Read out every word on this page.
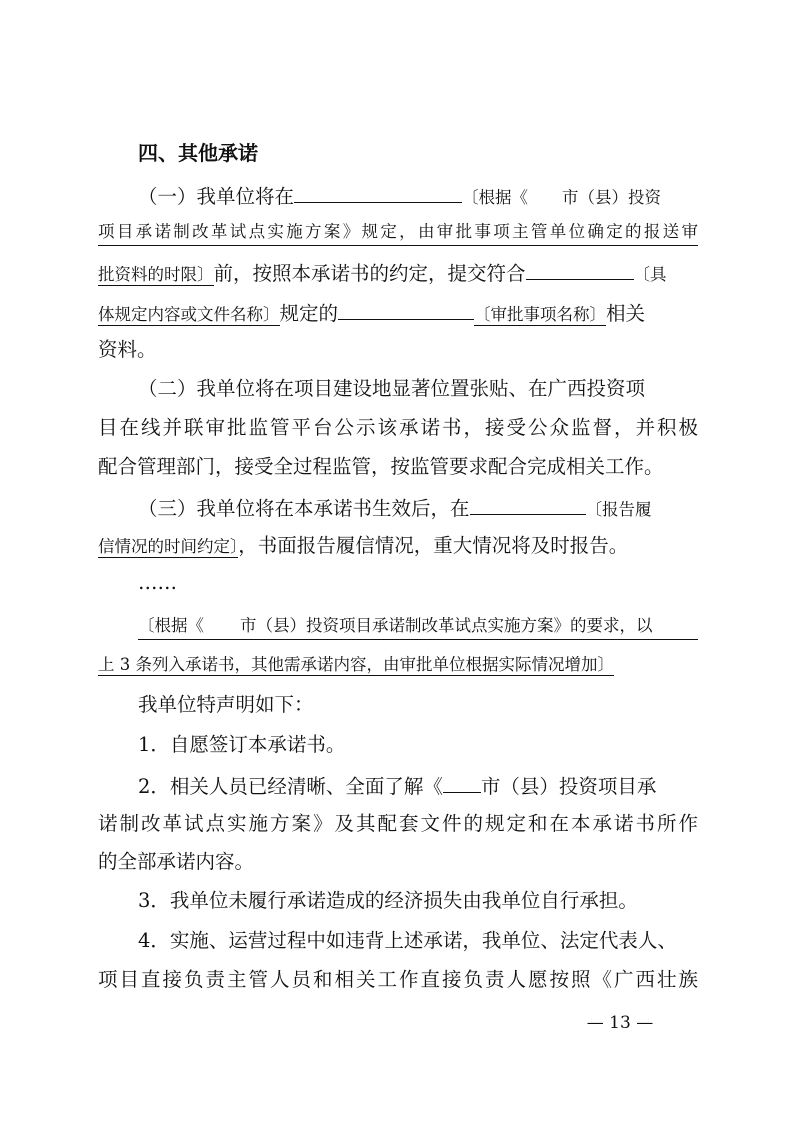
四、其他承诺
（一）我单位将在	〔根据《 市（县）投资
项目承诺制改革试点实施方案》规定，由审批事项主管单位确定的报送审
批资料的时限〕前，按照本承诺书的约定，提交符合	〔具
体规定内容或文件名称〕规定的	〔审批事项名称〕相关
资料。
（二）我单位将在项目建设地显著位置张贴、在广西投资项
目在线并联审批监管平台公示该承诺书，接受公众监督，并积极
配合管理部门，接受全过程监管，按监管要求配合完成相关工作。
（三）我单位将在本承诺书生效后，在	〔报告履
信情况的时间约定〕，书面报告履信情况，重大情况将及时报告。
……
〔根据《 市（县）投资项目承诺制改革试点实施方案》的要求，以
上 3 条列入承诺书，其他需承诺内容，由审批单位根据实际情况增加〕
我单位特声明如下：
1．自愿签订本承诺书。
2．相关人员已经清晰、全面了解《 市（县）投资项目承
诺制改革试点实施方案》及其配套文件的规定和在本承诺书所作
的全部承诺内容。
3．我单位未履行承诺造成的经济损失由我单位自行承担。
4．实施、运营过程中如违背上述承诺，我单位、法定代表人、
项目直接负责主管人员和相关工作直接负责人愿按照《广西壮族
— 13 —
